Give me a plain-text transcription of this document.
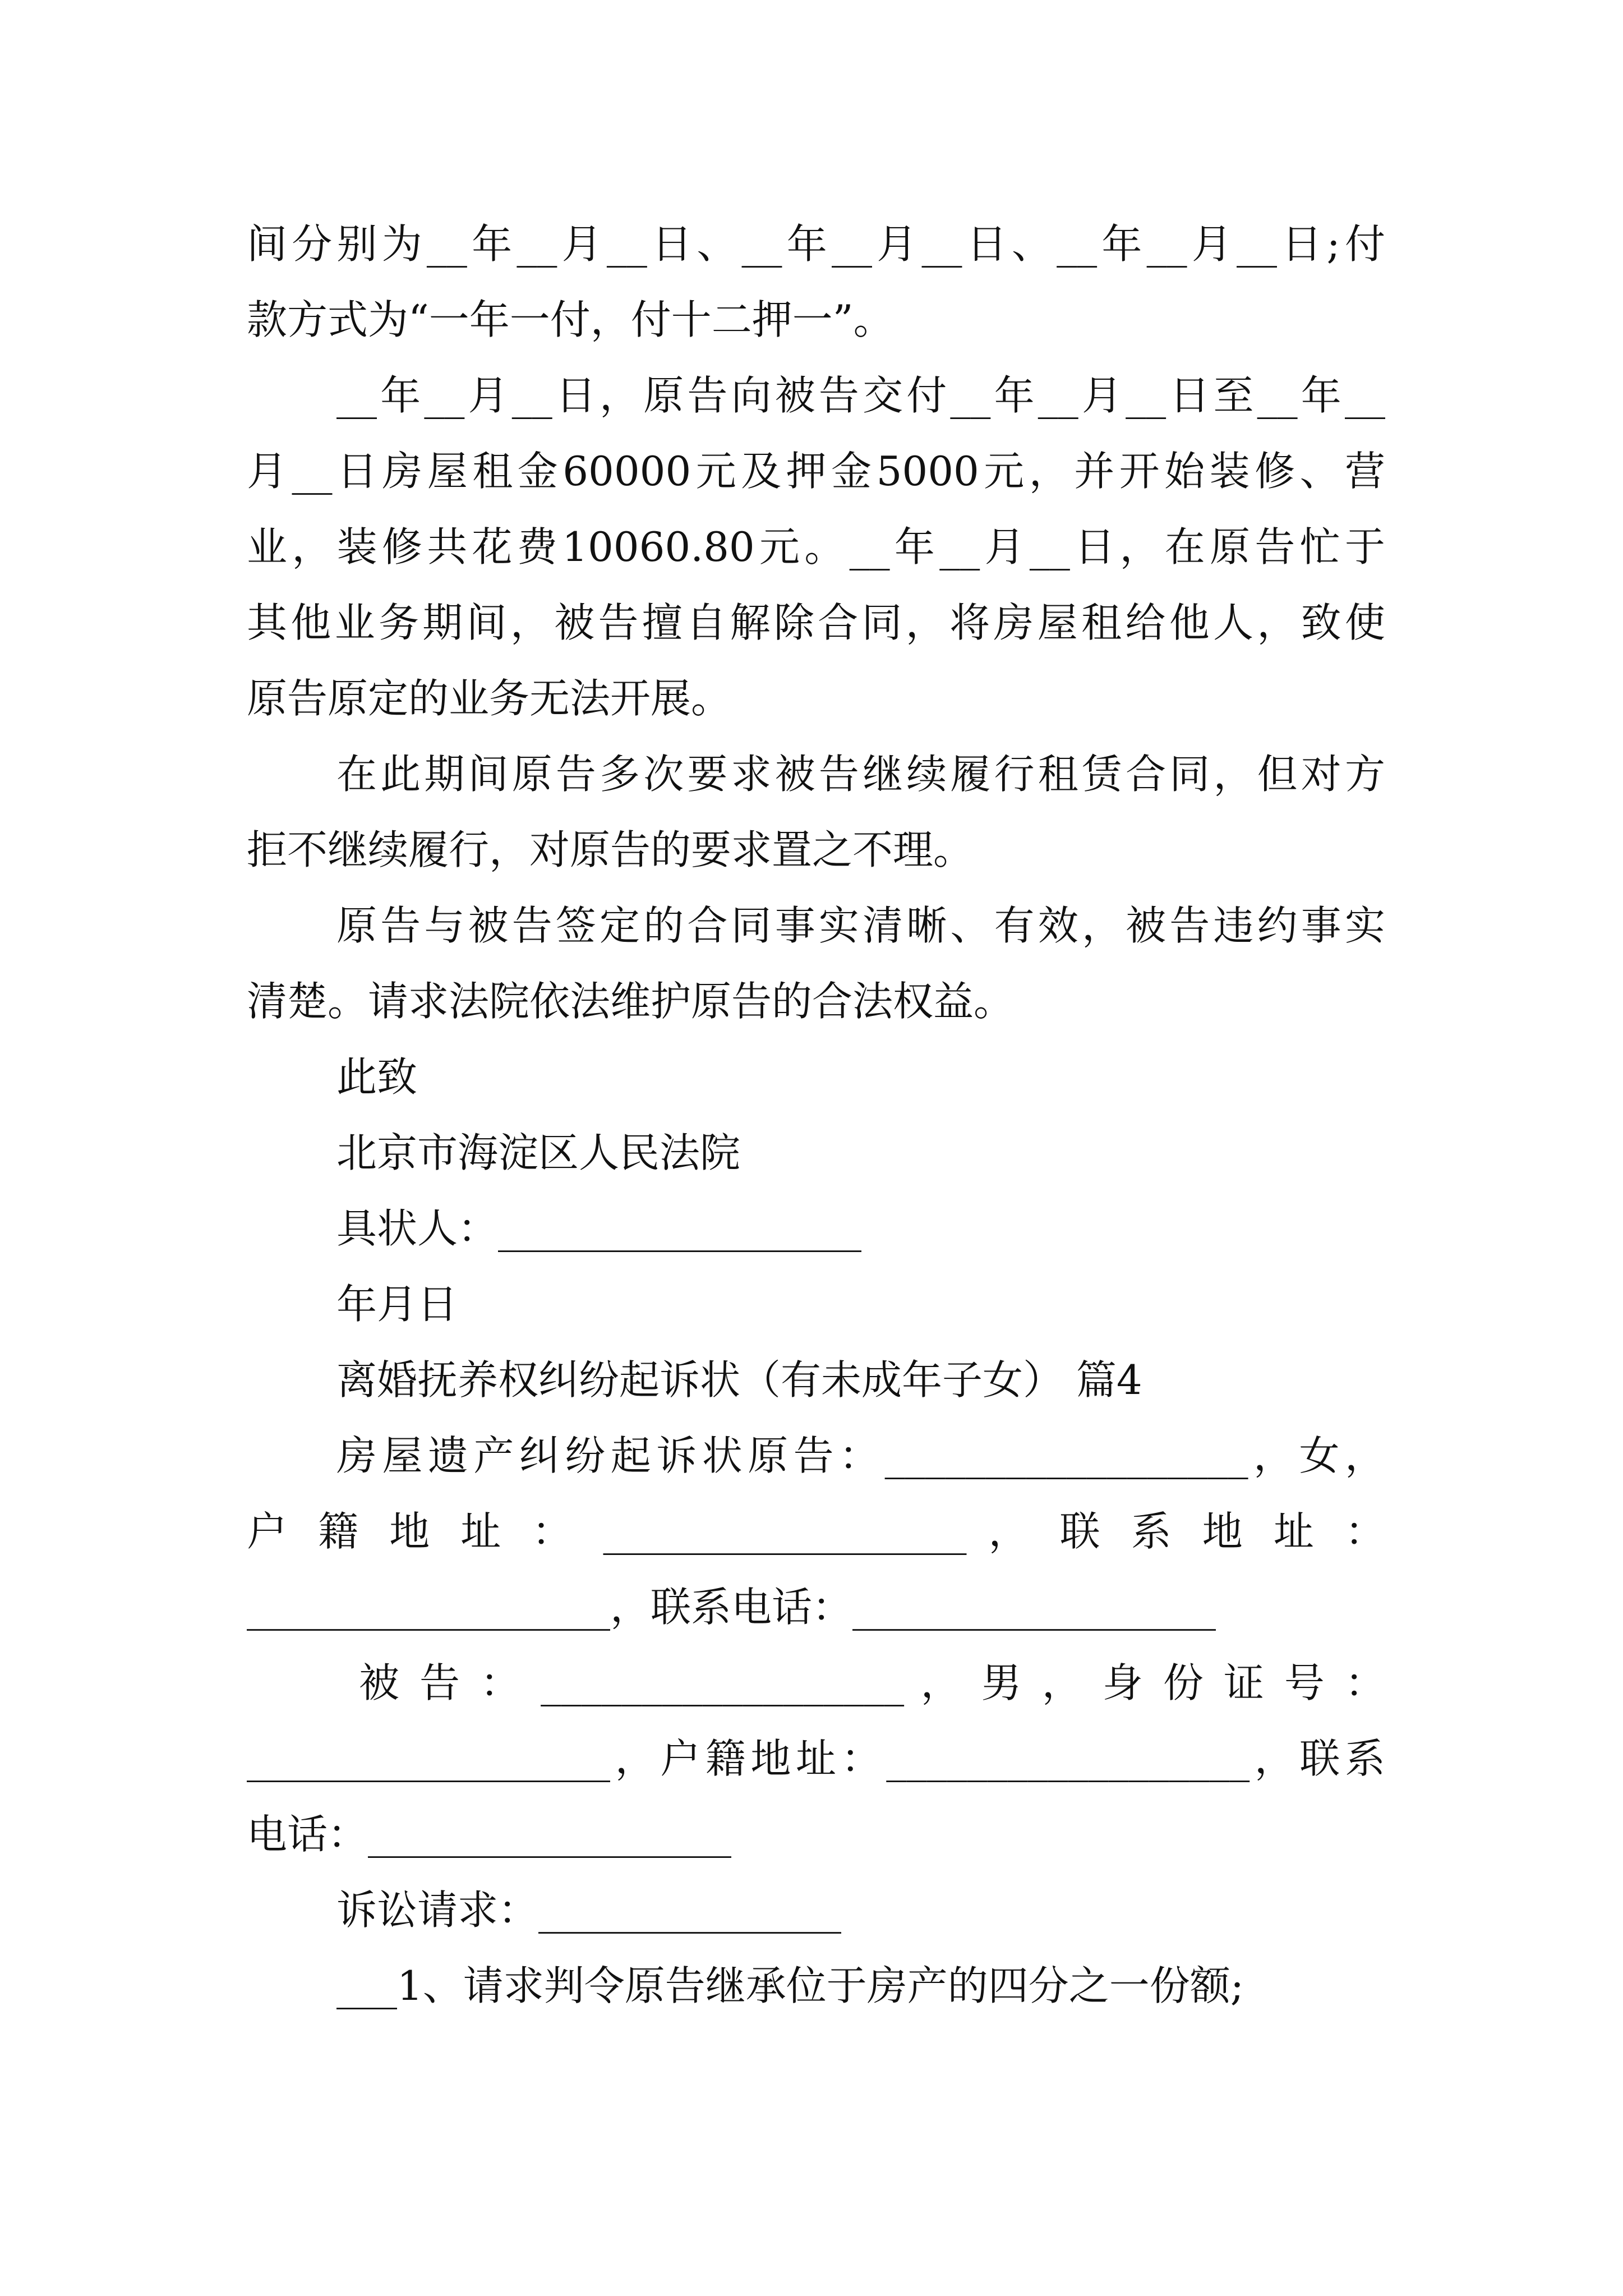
间分别为__年__月__日、__年__月__日、__年__月__日;付
款方式为“一年一付，付十二押一”。
__年__月__日，原告向被告交付__年__月__日至__年__
月__日房屋租金60000元及押金5000元，并开始装修、营
业，装修共花费10060.80元。__年__月__日，在原告忙于
其他业务期间，被告擅自解除合同，将房屋租给他人，致使
原告原定的业务无法开展。
在此期间原告多次要求被告继续履行租赁合同，但对方
拒不继续履行，对原告的要求置之不理。
原告与被告签定的合同事实清晰、有效，被告违约事实
清楚。请求法院依法维护原告的合法权益。
此致
北京市海淀区人民法院
具状人：__________________
年月日
离婚抚养权纠纷起诉状（有未成年子女） 篇4
房屋遗产纠纷起诉状原告：__________________，女，
户 籍 地 址 ： __________________ ， 联 系 地 址 ：
__________________，联系电话：__________________
被 告 ： __________________ ， 男 ， 身 份 证 号 ：
__________________，户籍地址：__________________，联系
电话：__________________
诉讼请求：_______________
___1、请求判令原告继承位于房产的四分之一份额;
